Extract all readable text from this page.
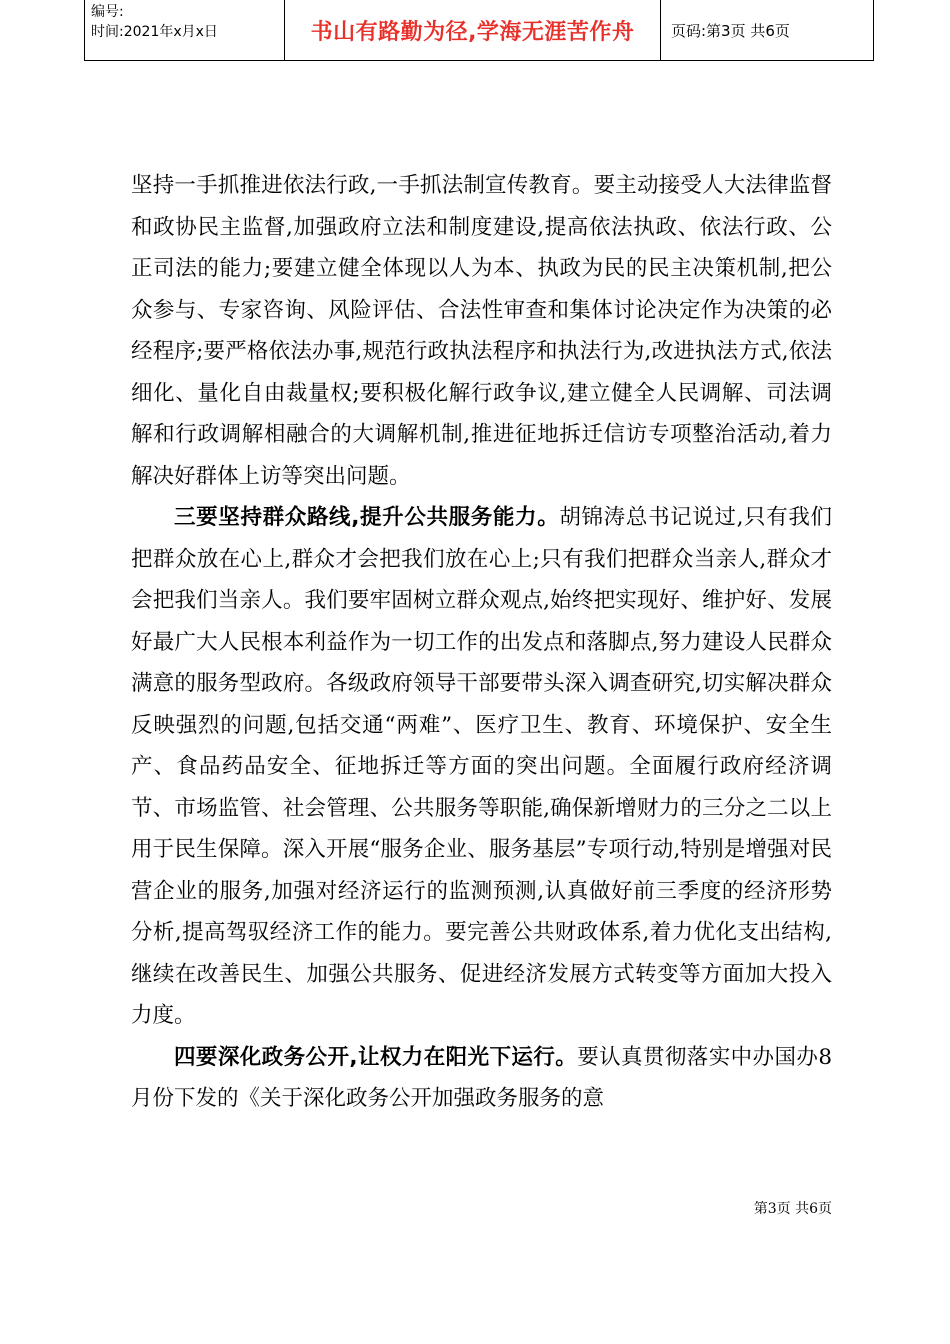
编号:
时间:2021年x月x日	书山有路勤为径,学海无涯苦作舟	页码:第3页 共6页

坚持一手抓推进依法行政,一手抓法制宣传教育。要主动接受人大法律监督和政协民主监督,加强政府立法和制度建设,提高依法执政、依法行政、公正司法的能力;要建立健全体现以人为本、执政为民的民主决策机制,把公众参与、专家咨询、风险评估、合法性审查和集体讨论决定作为决策的必经程序;要严格依法办事,规范行政执法程序和执法行为,改进执法方式,依法细化、量化自由裁量权;要积极化解行政争议,建立健全人民调解、司法调解和行政调解相融合的大调解机制,推进征地拆迁信访专项整治活动,着力解决好群体上访等突出问题。

三要坚持群众路线,提升公共服务能力。胡锦涛总书记说过,只有我们把群众放在心上,群众才会把我们放在心上;只有我们把群众当亲人,群众才会把我们当亲人。我们要牢固树立群众观点,始终把实现好、维护好、发展好最广大人民根本利益作为一切工作的出发点和落脚点,努力建设人民群众满意的服务型政府。各级政府领导干部要带头深入调查研究,切实解决群众反映强烈的问题,包括交通“两难”、医疗卫生、教育、环境保护、安全生产、食品药品安全、征地拆迁等方面的突出问题。全面履行政府经济调节、市场监管、社会管理、公共服务等职能,确保新增财力的三分之二以上用于民生保障。深入开展“服务企业、服务基层”专项行动,特别是增强对民营企业的服务,加强对经济运行的监测预测,认真做好前三季度的经济形势分析,提高驾驭经济工作的能力。要完善公共财政体系,着力优化支出结构,继续在改善民生、加强公共服务、促进经济发展方式转变等方面加大投入力度。

四要深化政务公开,让权力在阳光下运行。要认真贯彻落实中办国办8月份下发的《关于深化政务公开加强政务服务的意

第3页 共6页
